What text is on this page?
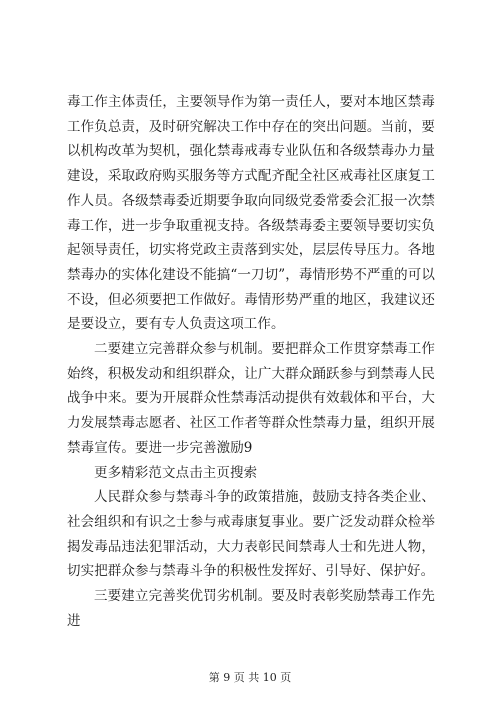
毒工作主体责任，主要领导作为第一责任人，要对本地区禁毒工作负总责，及时研究解决工作中存在的突出问题。当前，要以机构改革为契机，强化禁毒戒毒专业队伍和各级禁毒办力量建设，采取政府购买服务等方式配齐配全社区戒毒社区康复工作人员。各级禁毒委近期要争取向同级党委常委会汇报一次禁毒工作，进一步争取重视支持。各级禁毒委主要领导要切实负起领导责任，切实将党政主责落到实处，层层传导压力。各地禁毒办的实体化建设不能搞“一刀切”，毒情形势不严重的可以不设，但必须要把工作做好。毒情形势严重的地区，我建议还是要设立，要有专人负责这项工作。

二要建立完善群众参与机制。要把群众工作贯穿禁毒工作始终，积极发动和组织群众，让广大群众踊跃参与到禁毒人民战争中来。要为开展群众性禁毒活动提供有效载体和平台，大力发展禁毒志愿者、社区工作者等群众性禁毒力量，组织开展禁毒宣传。要进一步完善激励9

更多精彩范文点击主页搜索

人民群众参与禁毒斗争的政策措施，鼓励支持各类企业、社会组织和有识之士参与戒毒康复事业。要广泛发动群众检举揭发毒品违法犯罪活动，大力表彰民间禁毒人士和先进人物，切实把群众参与禁毒斗争的积极性发挥好、引导好、保护好。

三要建立完善奖优罚劣机制。要及时表彰奖励禁毒工作先进

第 9 页 共 10 页
